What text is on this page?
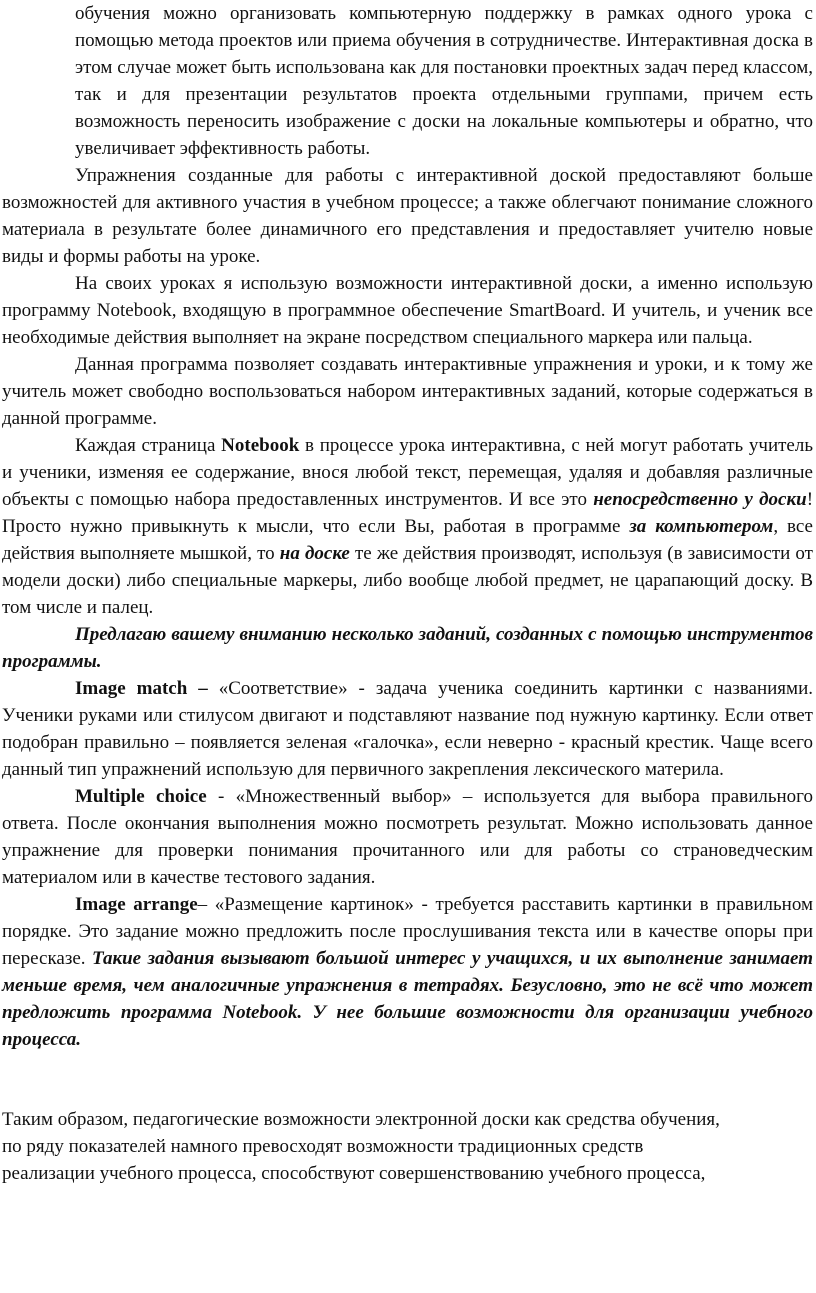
обучения можно организовать компьютерную поддержку в рамках одного урока с помощью метода проектов или приема обучения в сотрудничестве. Интерактивная доска в этом случае может быть использована как для постановки проектных задач перед классом, так и для презентации результатов проекта отдельными группами, причем есть возможность переносить изображение с доски на локальные компьютеры и обратно, что увеличивает эффективность работы.

Упражнения созданные для работы с интерактивной доской предоставляют больше возможностей для активного участия в учебном процессе; а также облегчают понимание сложного материала в результате более динамичного его представления и предоставляет учителю новые виды и формы работы на уроке.

На своих уроках я использую возможности интерактивной доски, а именно использую программу Notebook, входящую в программное обеспечение SmartBoard. И учитель, и ученик все необходимые действия выполняет на экране посредством специального маркера или пальца.

Данная программа позволяет создавать интерактивные упражнения и уроки, и к тому же учитель может свободно воспользоваться набором интерактивных заданий, которые содержаться в данной программе.

Каждая страница Notebook в процессе урока интерактивна, с ней могут работать учитель и ученики, изменяя ее содержание, внося любой текст, перемещая, удаляя и добавляя различные объекты с помощью набора предоставленных инструментов. И все это непосредственно у доски! Просто нужно привыкнуть к мысли, что если Вы, работая в программе за компьютером, все действия выполняете мышкой, то на доске те же действия производят, используя (в зависимости от модели доски) либо специальные маркеры, либо вообще любой предмет, не царапающий доску. В том числе и палец.

Предлагаю вашему вниманию несколько заданий, созданных с помощью инструментов программы.

Image match – «Соответствие» - задача ученика соединить картинки с названиями. Ученики руками или стилусом двигают и подставляют название под нужную картинку. Если ответ подобран правильно – появляется зеленая «галочка», если неверно - красный крестик. Чаще всего данный тип упражнений использую для первичного закрепления лексического материла.

Multiple choice - «Множественный выбор» – используется для выбора правильного ответа. После окончания выполнения можно посмотреть результат. Можно использовать данное упражнение для проверки понимания прочитанного или для работы со страноведческим материалом или в качестве тестового задания.

Image arrange– «Размещение картинок» - требуется расставить картинки в правильном порядке. Это задание можно предложить после прослушивания текста или в качестве опоры при пересказе. Такие задания вызывают большой интерес у учащихся, и их выполнение занимает меньше время, чем аналогичные упражнения в тетрадях. Безусловно, это не всё что может предложить программа Notebook. У нее большие возможности для организации учебного процесса.

Таким образом, педагогические возможности электронной доски как средства обучения,
по ряду показателей намного превосходят возможности традиционных средств
реализации учебного процесса, способствуют совершенствованию учебного процесса,
